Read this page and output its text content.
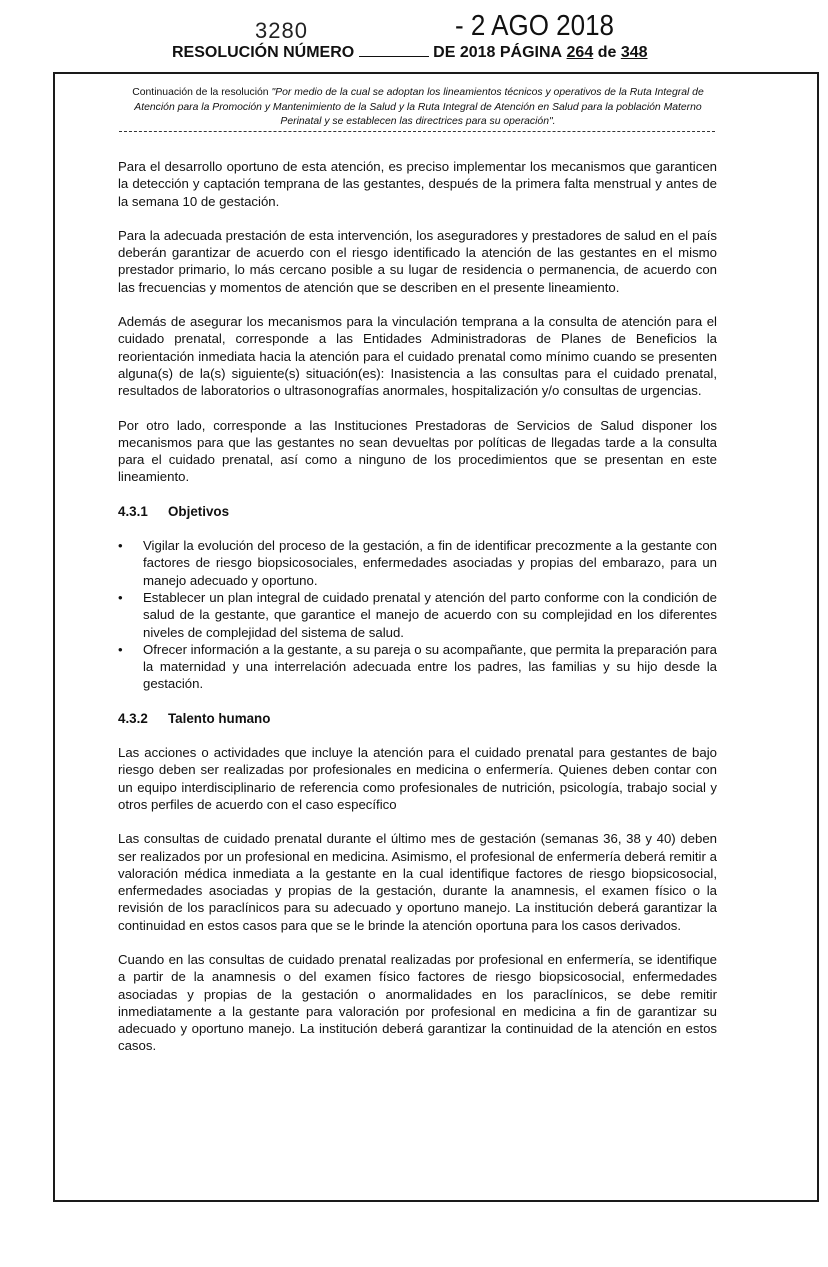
3280	- 2 AGO 2018
RESOLUCIÓN NÚMERO	DE 2018 PÁGINA 264 de 348
Continuación de la resolución "Por medio de la cual se adoptan los lineamientos técnicos y operativos de la Ruta Integral de Atención para la Promoción y Mantenimiento de la Salud y la Ruta Integral de Atención en Salud para la población Materno Perinatal y se establecen las directrices para su operación".

Para el desarrollo oportuno de esta atención, es preciso implementar los mecanismos que garanticen la detección y captación temprana de las gestantes, después de la primera falta menstrual y antes de la semana 10 de gestación.

Para la adecuada prestación de esta intervención, los aseguradores y prestadores de salud en el país deberán garantizar de acuerdo con el riesgo identificado la atención de las gestantes en el mismo prestador primario, lo más cercano posible a su lugar de residencia o permanencia, de acuerdo con las frecuencias y momentos de atención que se describen en el presente lineamiento.

Además de asegurar los mecanismos para la vinculación temprana a la consulta de atención para el cuidado prenatal, corresponde a las Entidades Administradoras de Planes de Beneficios la reorientación inmediata hacia la atención para el cuidado prenatal como mínimo cuando se presenten alguna(s) de la(s) siguiente(s) situación(es): Inasistencia a las consultas para el cuidado prenatal, resultados de laboratorios o ultrasonografías anormales, hospitalización y/o consultas de urgencias.

Por otro lado, corresponde a las Instituciones Prestadoras de Servicios de Salud disponer los mecanismos para que las gestantes no sean devueltas por políticas de llegadas tarde a la consulta para el cuidado prenatal, así como a ninguno de los procedimientos que se presentan en este lineamiento.

4.3.1 Objetivos
• Vigilar la evolución del proceso de la gestación, a fin de identificar precozmente a la gestante con factores de riesgo biopsicosociales, enfermedades asociadas y propias del embarazo, para un manejo adecuado y oportuno.
• Establecer un plan integral de cuidado prenatal y atención del parto conforme con la condición de salud de la gestante, que garantice el manejo de acuerdo con su complejidad en los diferentes niveles de complejidad del sistema de salud.
• Ofrecer información a la gestante, a su pareja o su acompañante, que permita la preparación para la maternidad y una interrelación adecuada entre los padres, las familias y su hijo desde la gestación.
4.3.2 Talento humano

Las acciones o actividades que incluye la atención para el cuidado prenatal para gestantes de bajo riesgo deben ser realizadas por profesionales en medicina o enfermería. Quienes deben contar con un equipo interdisciplinario de referencia como profesionales de nutrición, psicología, trabajo social y otros perfiles de acuerdo con el caso específico

Las consultas de cuidado prenatal durante el último mes de gestación (semanas 36, 38 y 40) deben ser realizados por un profesional en medicina. Asimismo, el profesional de enfermería deberá remitir a valoración médica inmediata a la gestante en la cual identifique factores de riesgo biopsicosocial, enfermedades asociadas y propias de la gestación, durante la anamnesis, el examen físico o la revisión de los paraclínicos para su adecuado y oportuno manejo. La institución deberá garantizar la continuidad en estos casos para que se le brinde la atención oportuna para los casos derivados.

Cuando en las consultas de cuidado prenatal realizadas por profesional en enfermería, se identifique a partir de la anamnesis o del examen físico factores de riesgo biopsicosocial, enfermedades asociadas y propias de la gestación o anormalidades en los paraclínicos, se debe remitir inmediatamente a la gestante para valoración por profesional en medicina a fin de garantizar su adecuado y oportuno manejo. La institución deberá garantizar la continuidad de la atención en estos casos.
